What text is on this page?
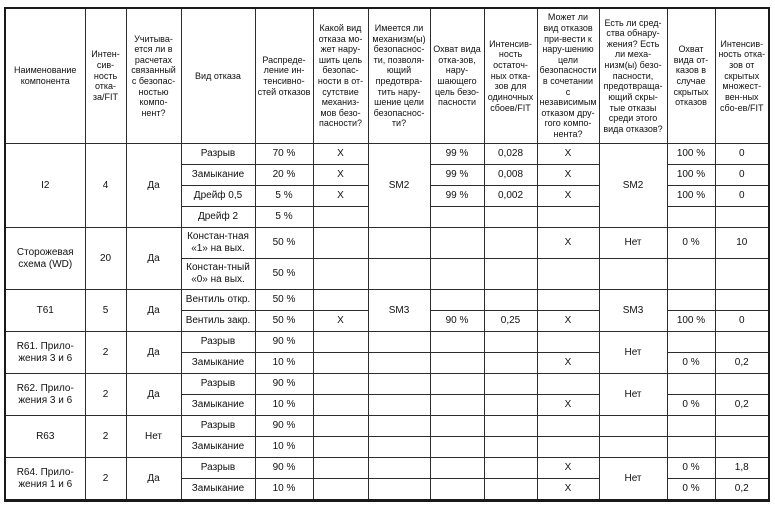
Наименование компонента	Интен-сив-ность отка-за/FIT	Учитыва-ется ли в расчетах связанный с безопас-ностью компо-нент?	Вид отказа	Распреде-ление ин-тенсивно-стей отказов	Какой вид отказа мо-жет нару-шить цель безопас-ности в от-сутствие механиз-мов безо-пасности?	Имеется ли механизм(ы) безопаснос-ти, позволя-ющий предотвра-тить нару-шение цели безопаснос-ти?	Охват вида отка-зов, нару-шающего цель безо-пасности	Интенсив-ность остаточ-ных отка-зов для одиночных сбоев/FIT	Может ли вид отказов при-вести к нару-шению цели безопасности в сочетании с независимым отказом дру-гого компо-нента?	Есть ли сред-ства обнару-жения? Есть ли меха-низм(ы) безо-пасности, предотвраща-ющий скры-тые отказы среди этого вида отказов?	Охват вида от-казов в случае скрытых отказов	Интенсив-ность отка-зов от скрытых множест-вен-ных сбо-ев/FIT
I2	4	Да	Разрыв	70 %	X	SM2	99 %	0,028	X	SM2	100 %	0
			Замыкание	20 %	X		99 %	0,008	X		100 %	0
			Дрейф 0,5	5 %	X		99 %	0,002	X		100 %	0
			Дрейф 2	5 %								
Сторожевая схема (WD)	20	Да	Констан-тная «1» на вых.	50 %					X	Нет	0 %	10
			Констан-тный «0» на вых.	50 %								
Т61	5	Да	Вентиль откр.	50 %		SM3				SM3		
			Вентиль закр.	50 %	X		90 %	0,25	X		100 %	0
R61. Прило-жения 3 и 6	2	Да	Разрыв	90 %						Нет		
			Замыкание	10 %					X		0 %	0,2
R62. Прило-жения 3 и 6	2	Да	Разрыв	90 %						Нет		
			Замыкание	10 %					X		0 %	0,2
R63	2	Нет	Разрыв	90 %								
			Замыкание	10 %								
R64. Прило-жения 1 и 6	2	Да	Разрыв	90 %					X	Нет	0 %	1,8
			Замыкание	10 %					X		0 %	0,2
